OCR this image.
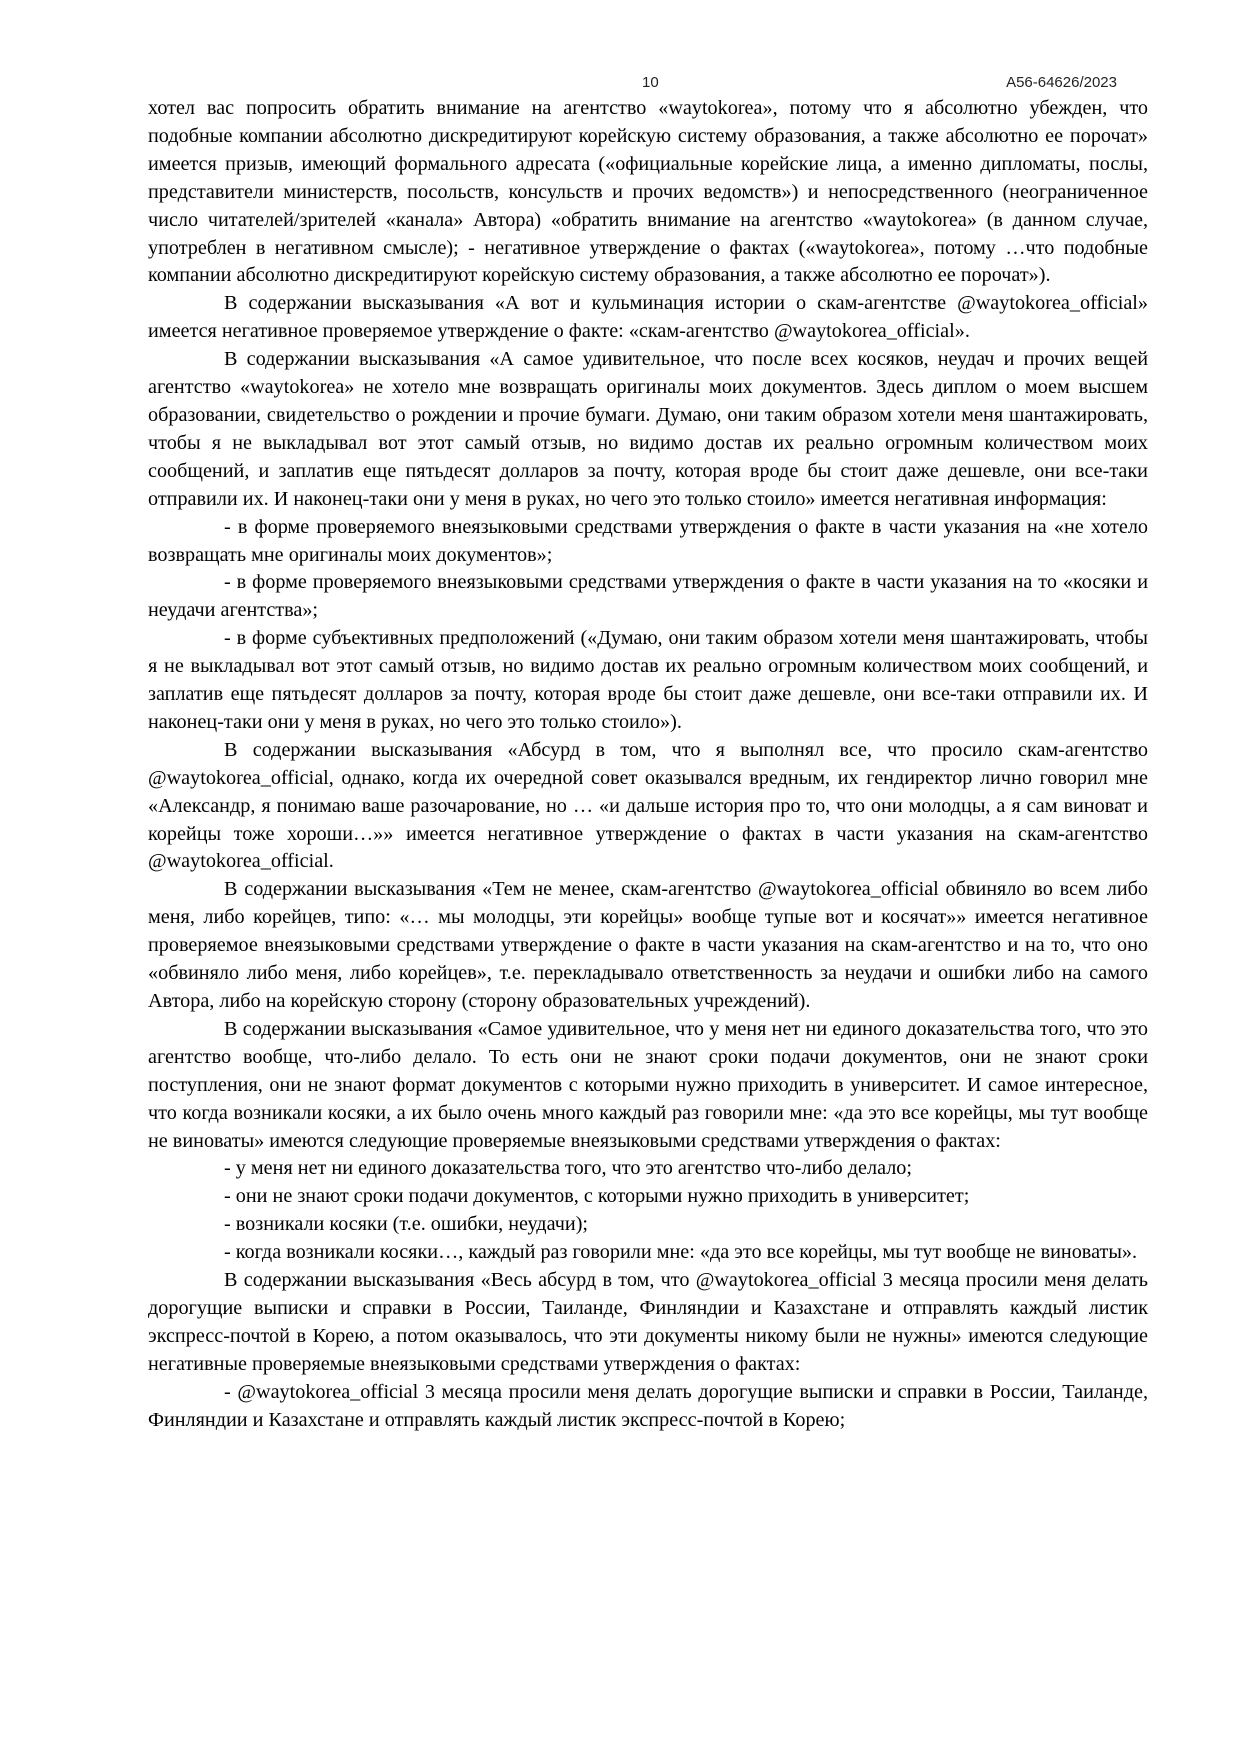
10	А56-64626/2023

хотел вас попросить обратить внимание на агентство «waytokorea», потому что я абсолютно убежден, что подобные компании абсолютно дискредитируют корейскую систему образования, а также абсолютно ее порочат» имеется призыв, имеющий формального адресата («официальные корейские лица, а именно дипломаты, послы, представители министерств, посольств, консульств и прочих ведомств») и непосредственного (неограниченное число читателей/зрителей «канала» Автора) «обратить внимание на агентство «waytokorea» (в данном случае, употреблен в негативном смысле); - негативное утверждение о фактах («waytokorea», потому …что подобные компании абсолютно дискредитируют корейскую систему образования, а также абсолютно ее порочат»).

В содержании высказывания «А вот и кульминация истории о скам-агентстве @waytokorea_official» имеется негативное проверяемое утверждение о факте: «скам-агентство @waytokorea_official».

В содержании высказывания «А самое удивительное, что после всех косяков, неудач и прочих вещей агентство «waytokorea» не хотело мне возвращать оригиналы моих документов. Здесь диплом о моем высшем образовании, свидетельство о рождении и прочие бумаги. Думаю, они таким образом хотели меня шантажировать, чтобы я не выкладывал вот этот самый отзыв, но видимо достав их реально огромным количеством моих сообщений, и заплатив еще пятьдесят долларов за почту, которая вроде бы стоит даже дешевле, они все-таки отправили их. И наконец-таки они у меня в руках, но чего это только стоило» имеется негативная информация:

- в форме проверяемого внеязыковыми средствами утверждения о факте в части указания на «не хотело возвращать мне оригиналы моих документов»;

- в форме проверяемого внеязыковыми средствами утверждения о факте в части указания на то «косяки и неудачи агентства»;

- в форме субъективных предположений («Думаю, они таким образом хотели меня шантажировать, чтобы я не выкладывал вот этот самый отзыв, но видимо достав их реально огромным количеством моих сообщений, и заплатив еще пятьдесят долларов за почту, которая вроде бы стоит даже дешевле, они все-таки отправили их. И наконец-таки они у меня в руках, но чего это только стоило»).

В содержании высказывания «Абсурд в том, что я выполнял все, что просило скам-агентство @waytokorea_official, однако, когда их очередной совет оказывался вредным, их гендиректор лично говорил мне «Александр, я понимаю ваше разочарование, но … «и дальше история про то, что они молодцы, а я сам виноват и корейцы тоже хороши…»» имеется негативное утверждение о фактах в части указания на скам-агентство @waytokorea_official.

В содержании высказывания «Тем не менее, скам-агентство @waytokorea_official обвиняло во всем либо меня, либо корейцев, типо: «… мы молодцы, эти корейцы» вообще тупые вот и косячат»» имеется негативное проверяемое внеязыковыми средствами утверждение о факте в части указания на скам-агентство и на то, что оно «обвиняло либо меня, либо корейцев», т.е. перекладывало ответственность за неудачи и ошибки либо на самого Автора, либо на корейскую сторону (сторону образовательных учреждений).

В содержании высказывания «Самое удивительное, что у меня нет ни единого доказательства того, что это агентство вообще, что-либо делало. То есть они не знают сроки подачи документов, они не знают сроки поступления, они не знают формат документов с которыми нужно приходить в университет. И самое интересное, что когда возникали косяки, а их было очень много каждый раз говорили мне: «да это все корейцы, мы тут вообще не виноваты» имеются следующие проверяемые внеязыковыми средствами утверждения о фактах:

- у меня нет ни единого доказательства того, что это агентство что-либо делало;

- они не знают сроки подачи документов, с которыми нужно приходить в университет;

- возникали косяки (т.е. ошибки, неудачи);

- когда возникали косяки…, каждый раз говорили мне: «да это все корейцы, мы тут вообще не виноваты».

В содержании высказывания «Весь абсурд в том, что @waytokorea_official 3 месяца просили меня делать дорогущие выписки и справки в России, Таиланде, Финляндии и Казахстане и отправлять каждый листик экспресс-почтой в Корею, а потом оказывалось, что эти документы никому были не нужны» имеются следующие негативные проверяемые внеязыковыми средствами утверждения о фактах:

- @waytokorea_official 3 месяца просили меня делать дорогущие выписки и справки в России, Таиланде, Финляндии и Казахстане и отправлять каждый листик экспресс-почтой в Корею;
